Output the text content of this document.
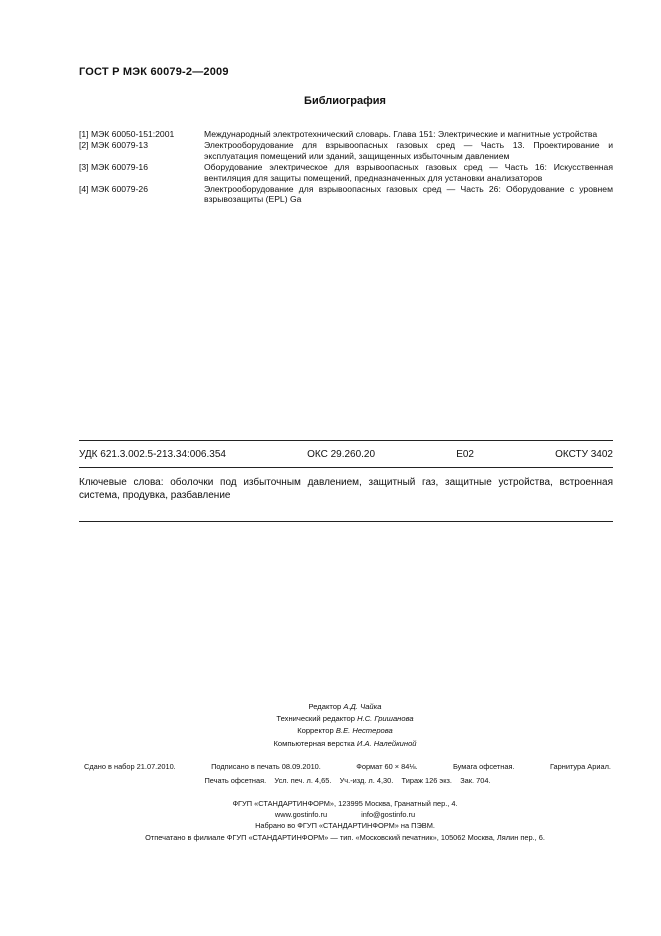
ГОСТ Р МЭК 60079-2—2009
Библиография
[1] МЭК 60050-151:2001	Международный электротехнический словарь. Глава 151: Электрические и магнитные устройства
[2] МЭК 60079-13	Электрооборудование для взрывоопасных газовых сред — Часть 13. Проектирование и эксплуатация помещений или зданий, защищенных избыточным давлением
[3] МЭК 60079-16	Оборудование электрическое для взрывоопасных газовых сред — Часть 16: Искусственная вентиляция для защиты помещений, предназначенных для установки анализаторов
[4] МЭК 60079-26	Электрооборудование для взрывоопасных газовых сред — Часть 26: Оборудование с уровнем взрывозащиты (EPL) Ga
УДК 621.3.002.5-213.34:006.354	ОКС 29.260.20	Е02	ОКСТУ 3402
Ключевые слова: оболочки под избыточным давлением, защитный газ, защитные устройства, встроенная система, продувка, разбавление
Редактор А.Д. Чайка
Технический редактор Н.С. Гришанова
Корректор В.Е. Нестерова
Компьютерная верстка И.А. Налейкиной
Сдано в набор 21.07.2010.	Подписано в печать 08.09.2010.	Формат 60 × 84⅛.	Бумага офсетная.	Гарнитура Ариал.
Печать офсетная. Усл. печ. л. 4,65. Уч.-изд. л. 4,30. Тираж 126 экз. Зак. 704.
ФГУП «СТАНДАРТИНФОРМ», 123995 Москва, Гранатный пер., 4.
www.gostinfo.ru	info@gostinfo.ru
Набрано во ФГУП «СТАНДАРТИНФОРМ» на ПЭВМ.
Отпечатано в филиале ФГУП «СТАНДАРТИНФОРМ» — тип. «Московский печатник», 105062 Москва, Лялин пер., 6.
